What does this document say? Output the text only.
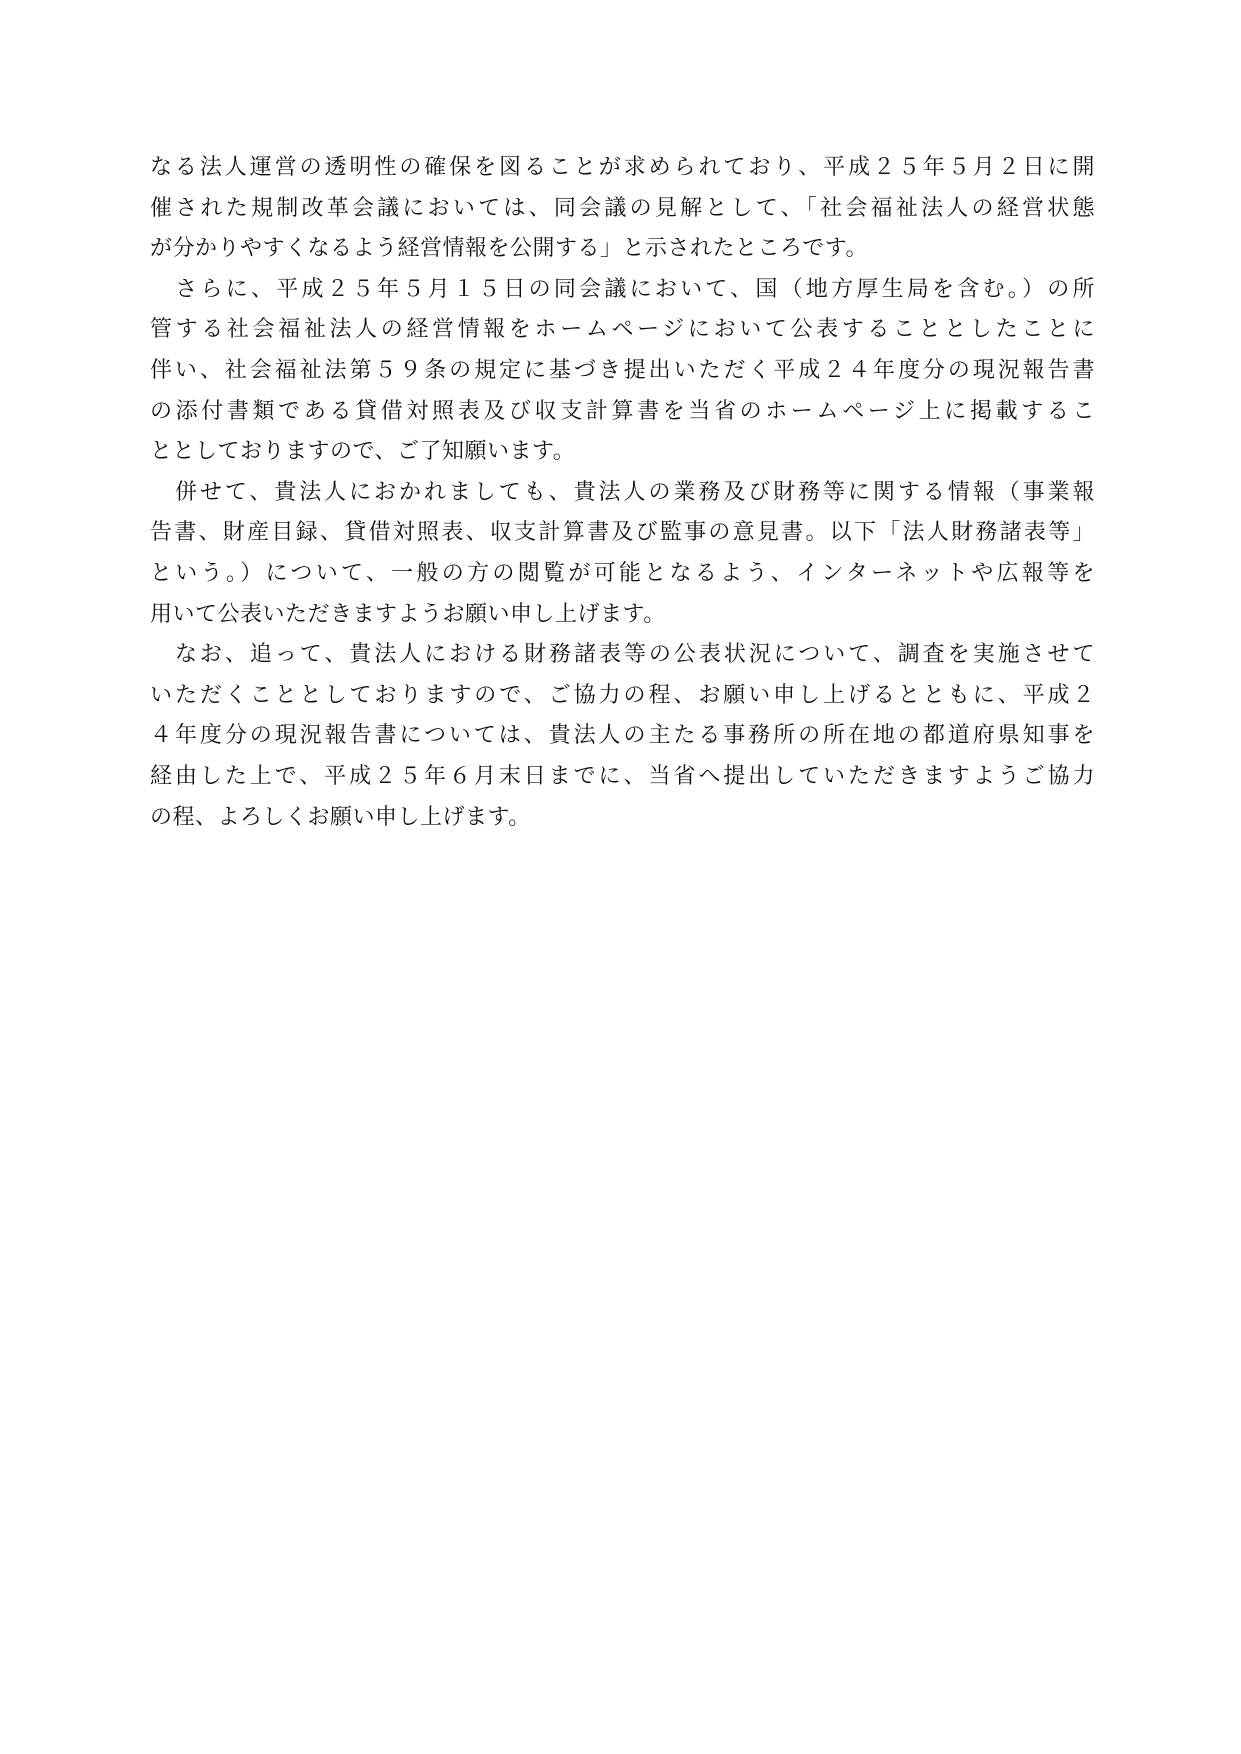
なる法人運営の透明性の確保を図ることが求められており、平成２５年５月２日に開
催された規制改革会議においては、同会議の見解として、「社会福祉法人の経営状態
が分かりやすくなるよう経営情報を公開する」と示されたところです。
　さらに、平成２５年５月１５日の同会議において、国（地方厚生局を含む。）の所
管する社会福祉法人の経営情報をホームページにおいて公表することとしたことに
伴い、社会福祉法第５９条の規定に基づき提出いただく平成２４年度分の現況報告書
の添付書類である貸借対照表及び収支計算書を当省のホームページ上に掲載するこ
ととしておりますので、ご了知願います。
　併せて、貴法人におかれましても、貴法人の業務及び財務等に関する情報（事業報
告書、財産目録、貸借対照表、収支計算書及び監事の意見書。以下「法人財務諸表等」
という。）について、一般の方の閲覧が可能となるよう、インターネットや広報等を
用いて公表いただきますようお願い申し上げます。
　なお、追って、貴法人における財務諸表等の公表状況について、調査を実施させて
いただくこととしておりますので、ご協力の程、お願い申し上げるとともに、平成２
４年度分の現況報告書については、貴法人の主たる事務所の所在地の都道府県知事を
経由した上で、平成２５年６月末日までに、当省へ提出していただきますようご協力
の程、よろしくお願い申し上げます。
